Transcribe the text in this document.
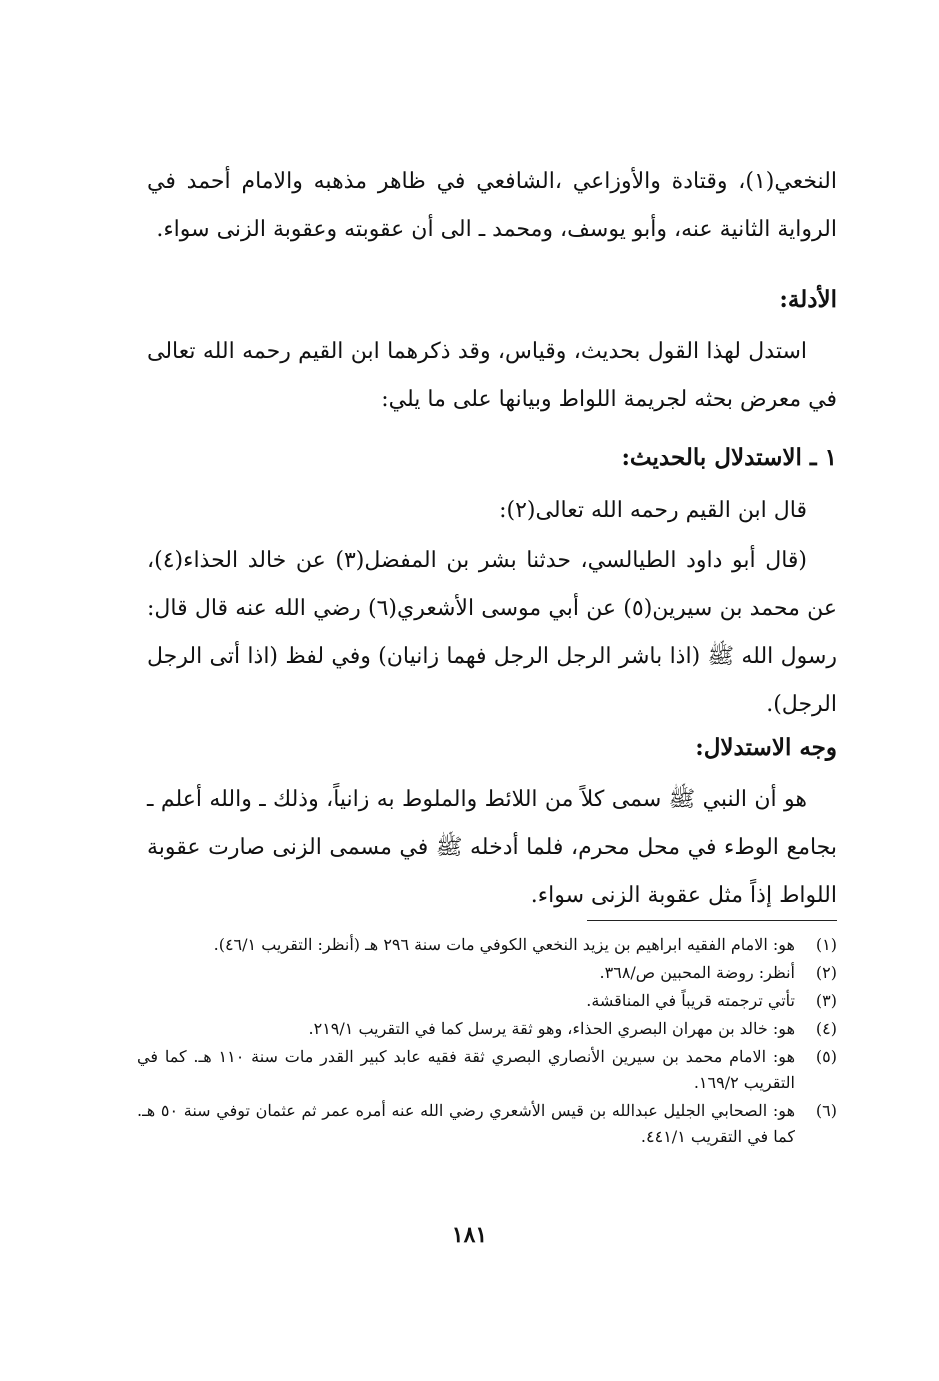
النخعي(١)، وقتادة والأوزاعي ،الشافعي في ظاهر مذهبه والامام أحمد في الرواية الثانية عنه، وأبو يوسف، ومحمد ـ الى أن عقوبته وعقوبة الزنى سواء.
الأدلة:
استدل لهذا القول بحديث، وقياس، وقد ذكرهما ابن القيم رحمه الله تعالى في معرض بحثه لجريمة اللواط وبيانها على ما يلي:
١ ـ الاستدلال بالحديث:
قال ابن القيم رحمه الله تعالى(٢):
(قال أبو داود الطيالسي، حدثنا بشر بن المفضل(٣) عن خالد الحذاء(٤)، عن محمد بن سيرين(٥) عن أبي موسى الأشعري(٦) رضي الله عنه قال قال: رسول الله ﷺ (اذا باشر الرجل الرجل فهما زانيان) وفي لفظ (اذا أتى الرجل الرجل).
وجه الاستدلال:
هو أن النبي ﷺ سمى كلاً من اللائط والملوط به زانياً، وذلك ـ والله أعلم ـ بجامع الوطء في محل محرم، فلما أدخله ﷺ في مسمى الزنى صارت عقوبة اللواط إذاً مثل عقوبة الزنى سواء.
(١)
هو: الامام الفقيه ابراهيم بن يزيد النخعي الكوفي مات سنة ٢٩٦ هـ (أنظر: التقريب ٤٦/١).
(٢)
أنظر: روضة المحبين ص/٣٦٨.
(٣)
تأتي ترجمته قريباً في المناقشة.
(٤)
هو: خالد بن مهران البصري الحذاء، وهو ثقة يرسل كما في التقريب ٢١٩/١.
(٥)
هو: الامام محمد بن سيرين الأنصاري البصري ثقة فقيه عابد كبير القدر مات سنة ١١٠ هـ. كما في التقريب ١٦٩/٢.
(٦)
هو: الصحابي الجليل عبدالله بن قيس الأشعري رضي الله عنه أمره عمر ثم عثمان توفي سنة ٥٠ هـ. كما في التقريب ٤٤١/١.
١٨١
